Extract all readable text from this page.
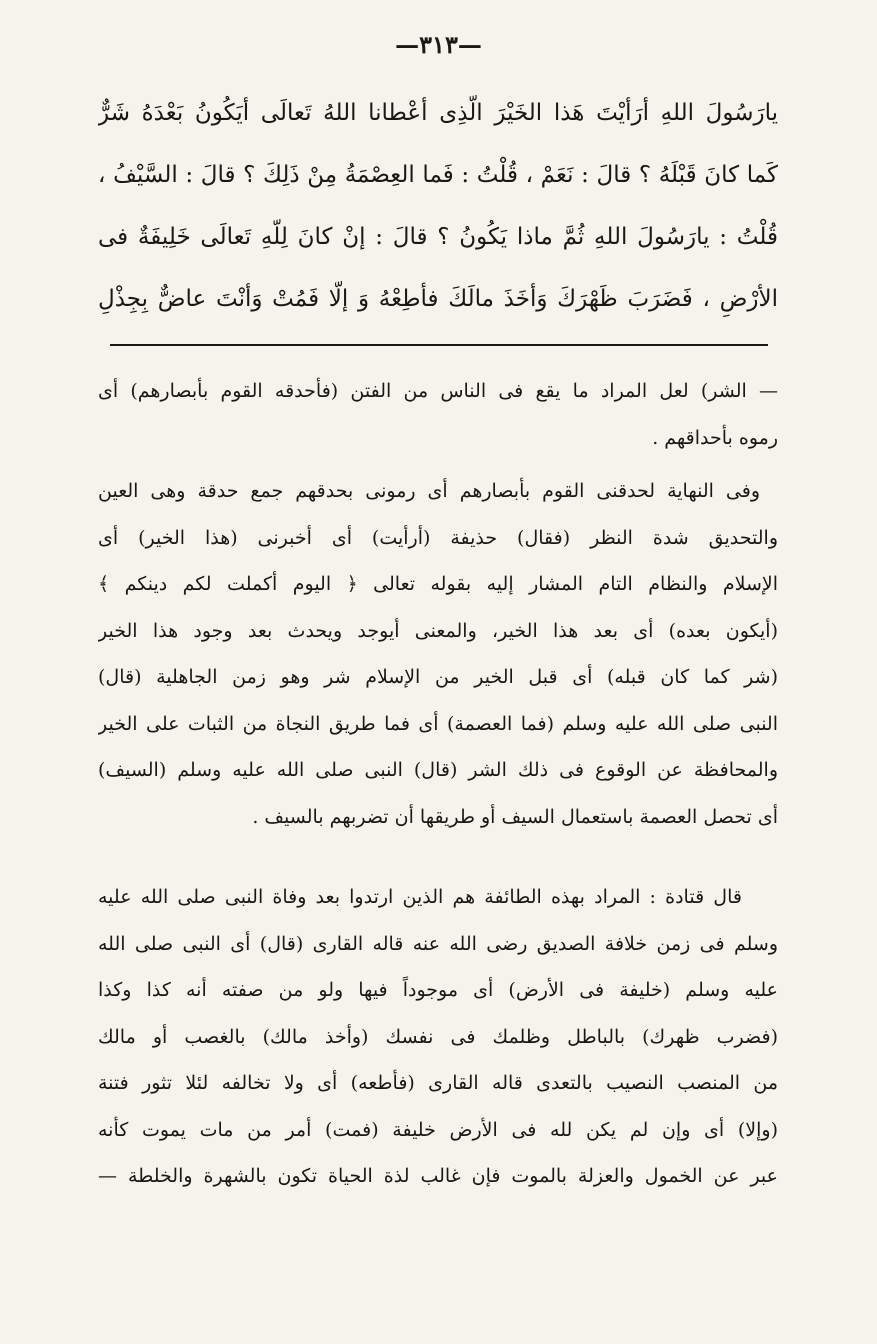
—٣١٣—
يارَسُولَ اللهِ أرَأيْتَ هَذا الخَيْرَ الّذِى أعْطانا اللهُ تَعالَى أيَكُونُ بَعْدَهُ شَرٌّ
كَما كانَ قَبْلَهُ ؟ قالَ : نَعَمْ ، قُلْتُ : فَما العِصْمَةُ مِنْ ذَلِكَ ؟ قالَ : السَّيْفُ ،
قُلْتُ : يارَسُولَ اللهِ ثُمَّ ماذا يَكُونُ ؟ قالَ : إنْ كانَ لِلّهِ تَعالَى خَلِيفَةٌ فى
الأرْضِ ، فَضَرَبَ ظَهْرَكَ وَأخَذَ مالَكَ فأطِعْهُ وَ إلّا فَمُتْ وَأنْتَ عاضٌّ بِجِذْلِ
— الشر) لعل المراد ما يقع فى الناس من الفتن (فأحدقه القوم بأبصارهم) أى
رموه بأحداقهم .
وفى النهاية لحدقنى القوم بأبصارهم أى رمونى بحدقهم جمع حدقة وهى العين
والتحديق شدة النظر (فقال) حذيفة (أرأيت) أى أخبرنى (هذا الخير) أى
الإسلام والنظام التام المشار إليه بقوله تعالى ﴿ اليوم أكملت لكم دينكم ﴾
(أيكون بعده) أى بعد هذا الخير، والمعنى أيوجد ويحدث بعد وجود هذا الخير
(شر كما كان قبله) أى قبل الخير من الإسلام شر وهو زمن الجاهلية (قال)
النبى صلى الله عليه وسلم (فما العصمة) أى فما طريق النجاة من الثبات على الخير
والمحافظة عن الوقوع فى ذلك الشر (قال) النبى صلى الله عليه وسلم (السيف)
أى تحصل العصمة باستعمال السيف أو طريقها أن تضربهم بالسيف .
قال قتادة : المراد بهذه الطائفة هم الذين ارتدوا بعد وفاة النبى صلى الله عليه
وسلم فى زمن خلافة الصديق رضى الله عنه قاله القارى (قال) أى النبى صلى الله
عليه وسلم (خليفة فى الأرض) أى موجوداً فيها ولو من صفته أنه كذا وكذا
(فضرب ظهرك) بالباطل وظلمك فى نفسك (وأخذ مالك) بالغصب أو مالك
من المنصب النصيب بالتعدى قاله القارى (فأطعه) أى ولا تخالفه لئلا تثور فتنة
(وإلا) أى وإن لم يكن لله فى الأرض خليفة (فمت) أمر من مات يموت كأنه
عبر عن الخمول والعزلة بالموت فإن غالب لذة الحياة تكون بالشهرة والخلطة —
